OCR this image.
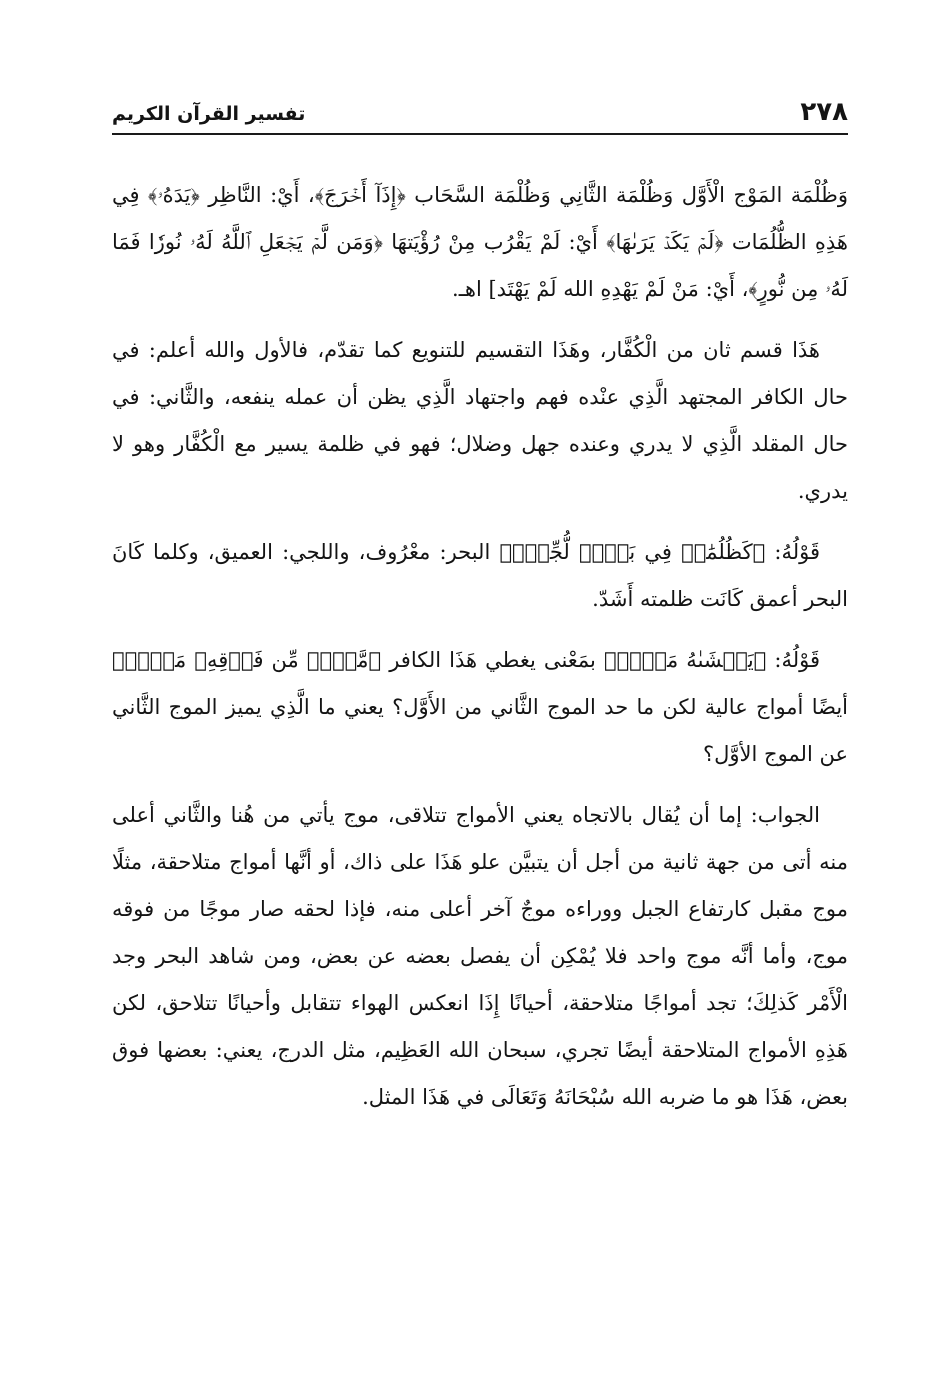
٢٧٨
تفسير القرآن الكريم

وَظُلْمَة المَوْج الْأَوَّل وَظُلْمَة الثَّانِي وَظُلْمَة السَّحَاب ﴿إِذَآ أَخۡرَجَ﴾، أَيْ: النَّاظِر ﴿يَدَهُۥ﴾ فِي هَذِهِ الظُّلُمَات ﴿لَمۡ يَكَدۡ يَرَىٰهَا﴾ أَيْ: لَمْ يَقْرُب مِنْ رُؤْيَتهَا ﴿وَمَن لَّمۡ يَجۡعَلِ ٱللَّهُ لَهُۥ نُورٗا فَمَا لَهُۥ مِن نُّورٍ﴾، أَيْ: مَنْ لَمْ يَهْدِهِ الله لَمْ يَهْتَد] اهـ.

هَذَا قسم ثان من الْكُفَّار، وهَذَا التقسيم للتنويع كما تقدّم، فالأول والله أعلم: في حال الكافر المجتهد الَّذِي عنْده فهم واجتهاد الَّذِي يظن أن عمله ينفعه، والثَّاني: في حال المقلد الَّذِي لا يدري وعنده جهل وضلال؛ فهو في ظلمة يسير مع الْكُفَّار وهو لا يدري.

قَوْلُهُ: ﴿كَظُلُمَٰتٖ فِي بَحۡرٖ لُّجِّيّٖ﴾ البحر: معْرُوف، واللجي: العميق، وكلما كَانَ البحر أعمق كَانَت ظلمته أَشَدّ.

قَوْلُهُ: ﴿يَغۡشَىٰهُ مَوۡجٞ﴾ بمَعْنى يغطي هَذَا الكافر ﴿مَّوۡجٞ مِّن فَوۡقِهِۦ مَوۡجٞ﴾ أيضًا أمواج عالية لكن ما حد الموج الثَّاني من الأَوَّل؟ يعني ما الَّذِي يميز الموج الثَّاني عن الموج الأوَّل؟

الجواب: إما أن يُقال بالاتجاه يعني الأمواج تتلاقى، موج يأتي من هُنا والثَّاني أعلى منه أتى من جهة ثانية من أجل أن يتبيَّن علو هَذَا على ذاك، أو أنَّها أمواج متلاحقة، مثلًا موج مقبل كارتفاع الجبل ووراءه موجٌ آخر أعلى منه، فإذا لحقه صار موجًا من فوقه موج، وأما أنَّه موج واحد فلا يُمْكِن أن يفصل بعضه عن بعض، ومن شاهد البحر وجد الْأَمْر كَذلِكَ؛ تجد أمواجًا متلاحقة، أحيانًا إِذَا انعكس الهواء تتقابل وأحيانًا تتلاحق، لكن هَذِهِ الأمواج المتلاحقة أيضًا تجري، سبحان الله العَظِيم، مثل الدرج، يعني: بعضها فوق بعض، هَذَا هو ما ضربه الله سُبْحَانَهُ وَتَعَالَى في هَذَا المثل.
